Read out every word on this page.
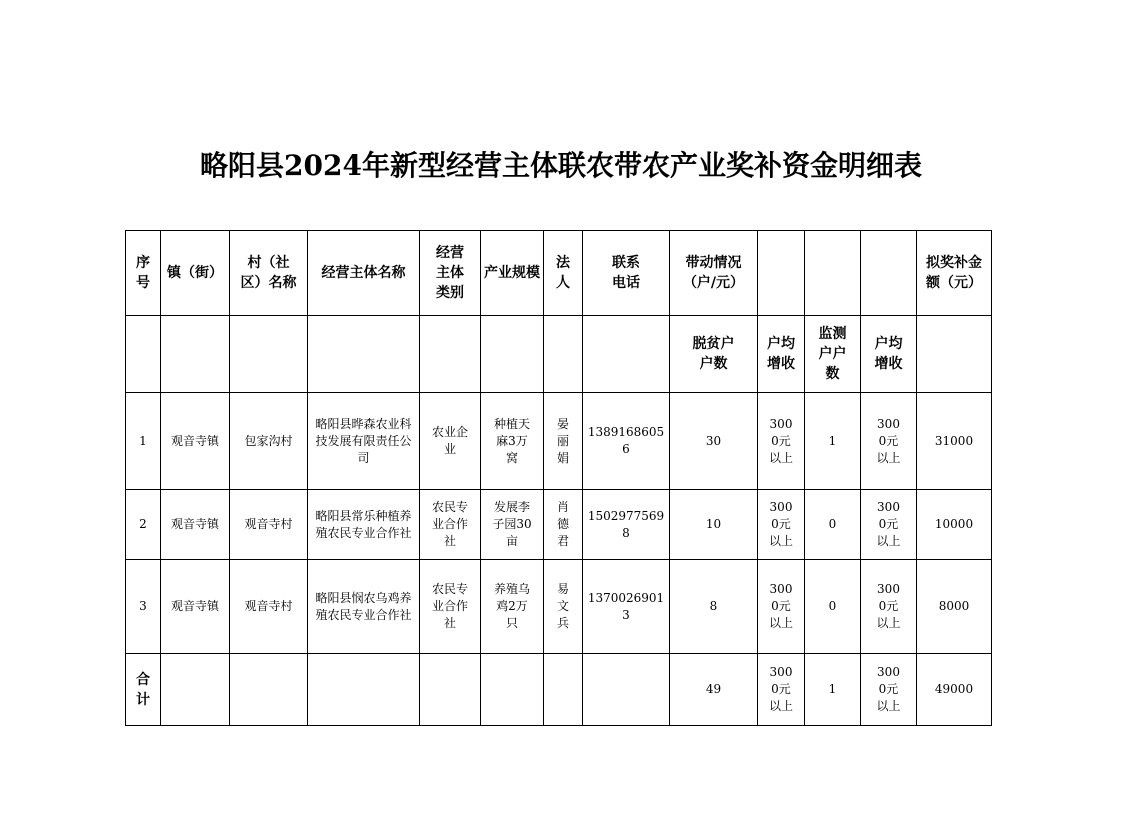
略阳县2024年新型经营主体联农带农产业奖补资金明细表
序号	镇（街）	村（社区）名称	经营主体名称	经营主体类别	产业规模	法人	联系电话	带动情况（户/元）				拟奖补金额（元）
								脱贫户户数	户均增收	监测户户数	户均增收	
1	观音寺镇	包家沟村	略阳县晔森农业科技发展有限责任公司	农业企业	种植天麻3万窝	晏丽娟	13891686056	30	3000元以上	1	3000元以上	31000
2	观音寺镇	观音寺村	略阳县常乐种植养殖农民专业合作社	农民专业合作社	发展李子园30亩	肖德君	15029775698	10	3000元以上	0	3000元以上	10000
3	观音寺镇	观音寺村	略阳县悯农乌鸡养殖农民专业合作社	农民专业合作社	养殖乌鸡2万只	易文兵	13700269013	8	3000元以上	0	3000元以上	8000
合计								49	3000元以上	1	3000元以上	49000
